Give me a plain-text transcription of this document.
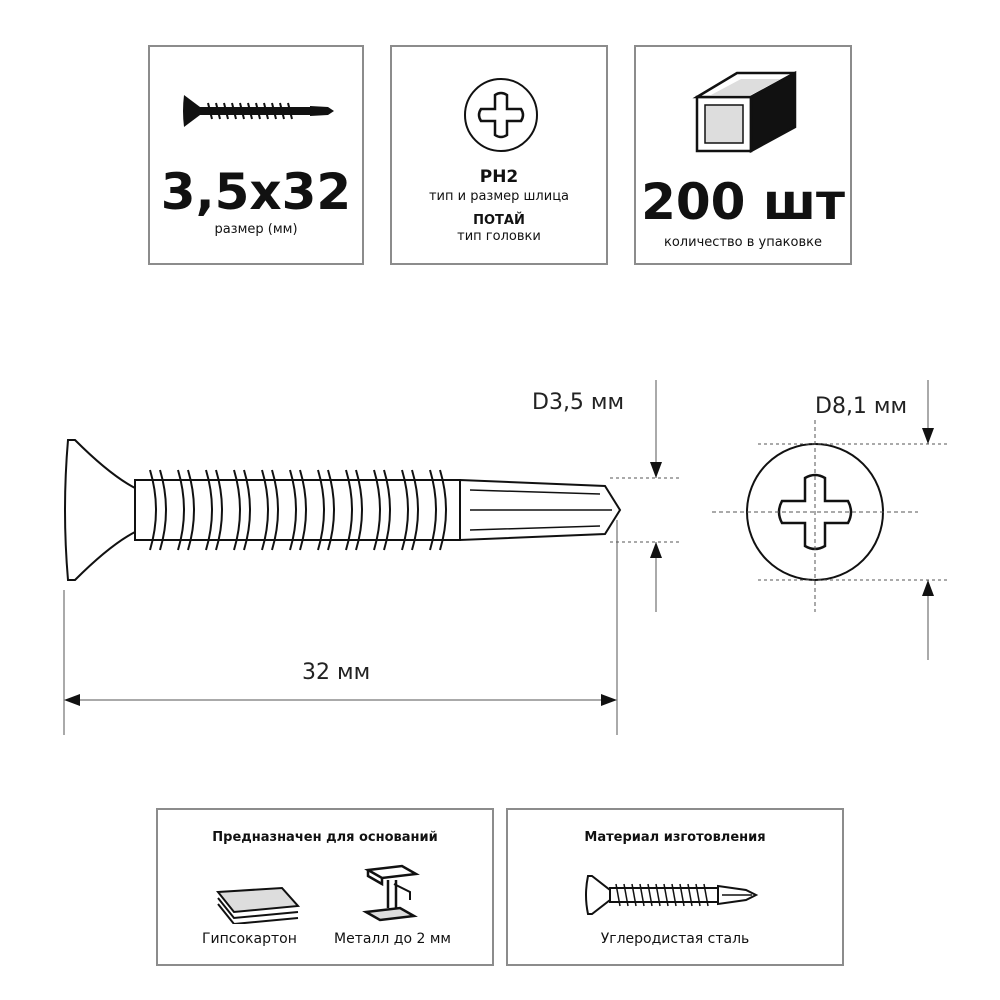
3,5x32
размер (мм)
PH2
тип и размер шлица
ПОТАЙ
тип головки
200 шт
количество в упаковке
D3,5 мм	D8,1 мм
32 мм
Предназначен для оснований
Гипсокартон	Металл до 2 мм
Материал изготовления
Углеродистая сталь
